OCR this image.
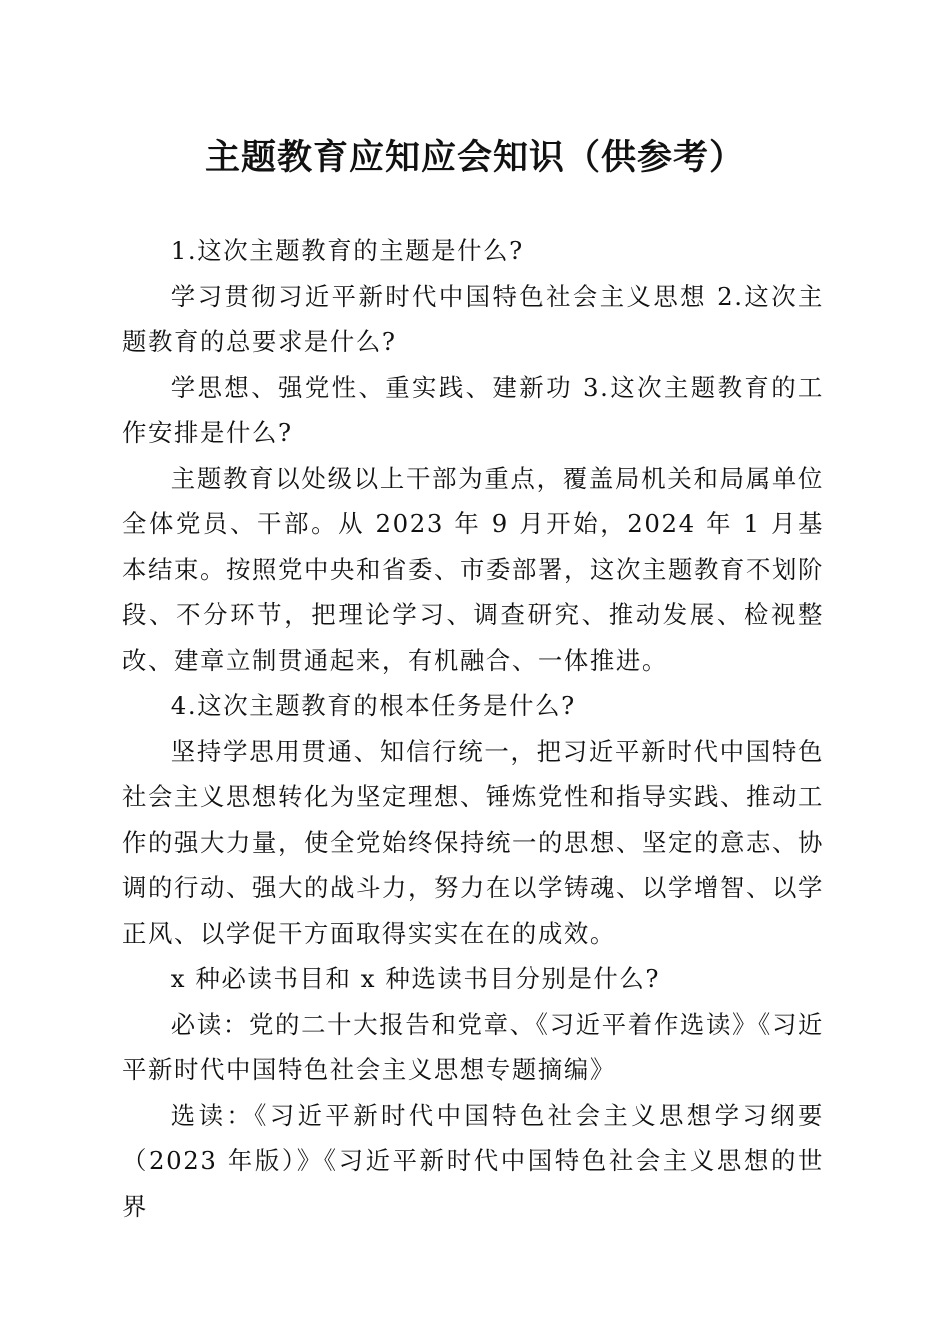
主题教育应知应会知识（供参考）

1.这次主题教育的主题是什么?

学习贯彻习近平新时代中国特色社会主义思想 2.这次主题教育的总要求是什么?

学思想、强党性、重实践、建新功 3.这次主题教育的工作安排是什么?

主题教育以处级以上干部为重点，覆盖局机关和局属单位全体党员、干部。从 2023 年 9 月开始，2024 年 1 月基本结束。按照党中央和省委、市委部署，这次主题教育不划阶段、不分环节，把理论学习、调查研究、推动发展、检视整改、建章立制贯通起来，有机融合、一体推进。

4.这次主题教育的根本任务是什么?

坚持学思用贯通、知信行统一，把习近平新时代中国特色社会主义思想转化为坚定理想、锤炼党性和指导实践、推动工作的强大力量，使全党始终保持统一的思想、坚定的意志、协调的行动、强大的战斗力，努力在以学铸魂、以学增智、以学正风、以学促干方面取得实实在在的成效。

x 种必读书目和 x 种选读书目分别是什么?

必读：党的二十大报告和党章、《习近平着作选读》《习近平新时代中国特色社会主义思想专题摘编》

选读：《习近平新时代中国特色社会主义思想学习纲要（2023 年版）》《习近平新时代中国特色社会主义思想的世界
